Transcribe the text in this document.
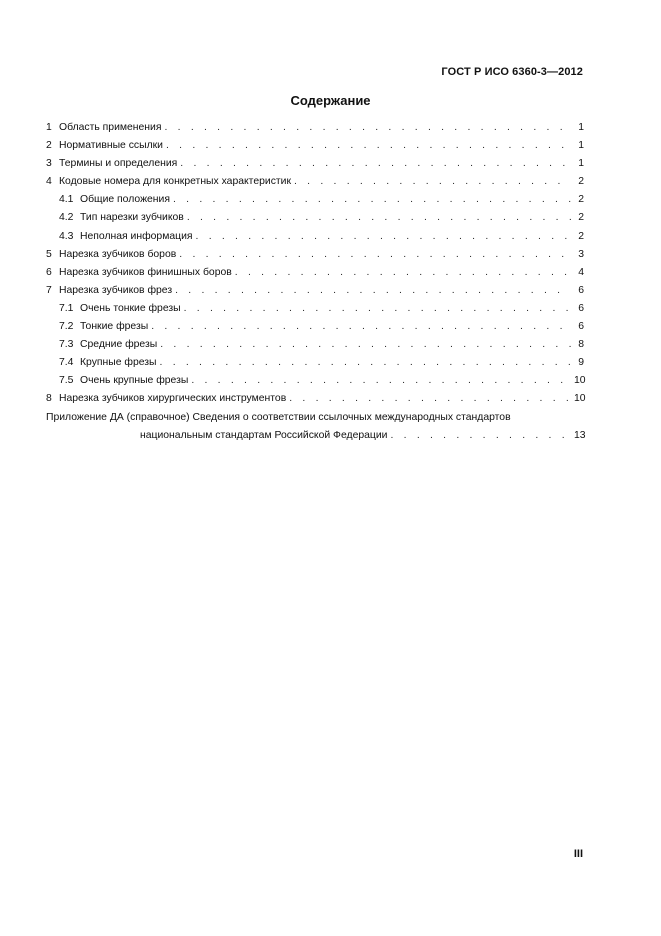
ГОСТ Р ИСО 6360-3—2012
Содержание
1 Область применения . . .	1
2 Нормативные ссылки . . .	1
3 Термины и определения . . .	1
4 Кодовые номера для конкретных характеристик . . .	2
4.1 Общие положения . . .	2
4.2 Тип нарезки зубчиков . . .	2
4.3 Неполная информация . . .	2
5 Нарезка зубчиков боров . . .	3
6 Нарезка зубчиков финишных боров . . .	4
7 Нарезка зубчиков фрез . . .	6
7.1 Очень тонкие фрезы . . .	6
7.2 Тонкие фрезы . . .	6
7.3 Средние фрезы . . .	8
7.4 Крупные фрезы . . .	9
7.5 Очень крупные фрезы . . .	10
8 Нарезка зубчиков хирургических инструментов . . .	10
Приложение ДА (справочное) Сведения о соответствии ссылочных международных стандартов
национальным стандартам Российской Федерации . . .	13
III
